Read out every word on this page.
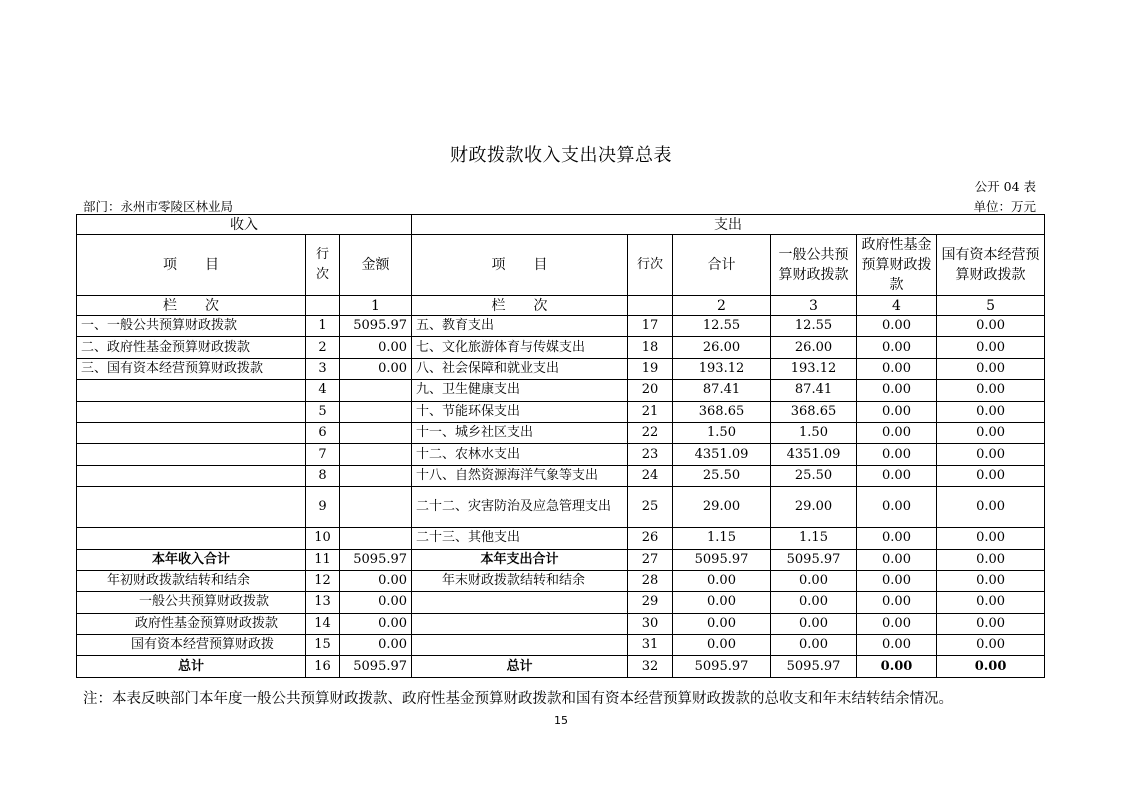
财政拨款收入支出决算总表
公开 04 表
部门：永州市零陵区林业局	单位：万元
收入			支出					
项　　目	行次	金额	项　　目	行次	合计	一般公共预算财政拨款	政府性基金预算财政拨款	国有资本经营预算财政拨款
栏　　次		1	栏　　次		2	3	4	5
一、一般公共预算财政拨款	1	5095.97	五、教育支出	17	12.55	12.55	0.00	0.00
二、政府性基金预算财政拨款	2	0.00	七、文化旅游体育与传媒支出	18	26.00	26.00	0.00	0.00
三、国有资本经营预算财政拨款	3	0.00	八、社会保障和就业支出	19	193.12	193.12	0.00	0.00
	4		九、卫生健康支出	20	87.41	87.41	0.00	0.00
	5		十、节能环保支出	21	368.65	368.65	0.00	0.00
	6		十一、城乡社区支出	22	1.50	1.50	0.00	0.00
	7		十二、农林水支出	23	4351.09	4351.09	0.00	0.00
	8		十八、自然资源海洋气象等支出	24	25.50	25.50	0.00	0.00
	9		二十二、灾害防治及应急管理支出	25	29.00	29.00	0.00	0.00
	10		二十三、其他支出	26	1.15	1.15	0.00	0.00
本年收入合计	11	5095.97	本年支出合计	27	5095.97	5095.97	0.00	0.00
年初财政拨款结转和结余	12	0.00	年末财政拨款结转和结余	28	0.00	0.00	0.00	0.00
一般公共预算财政拨款	13	0.00		29	0.00	0.00	0.00	0.00
政府性基金预算财政拨款	14	0.00		30	0.00	0.00	0.00	0.00
国有资本经营预算财政拨	15	0.00		31	0.00	0.00	0.00	0.00
总计	16	5095.97	总计	32	5095.97	5095.97	0.00	0.00
注：本表反映部门本年度一般公共预算财政拨款、政府性基金预算财政拨款和国有资本经营预算财政拨款的总收支和年末结转结余情况。
15
